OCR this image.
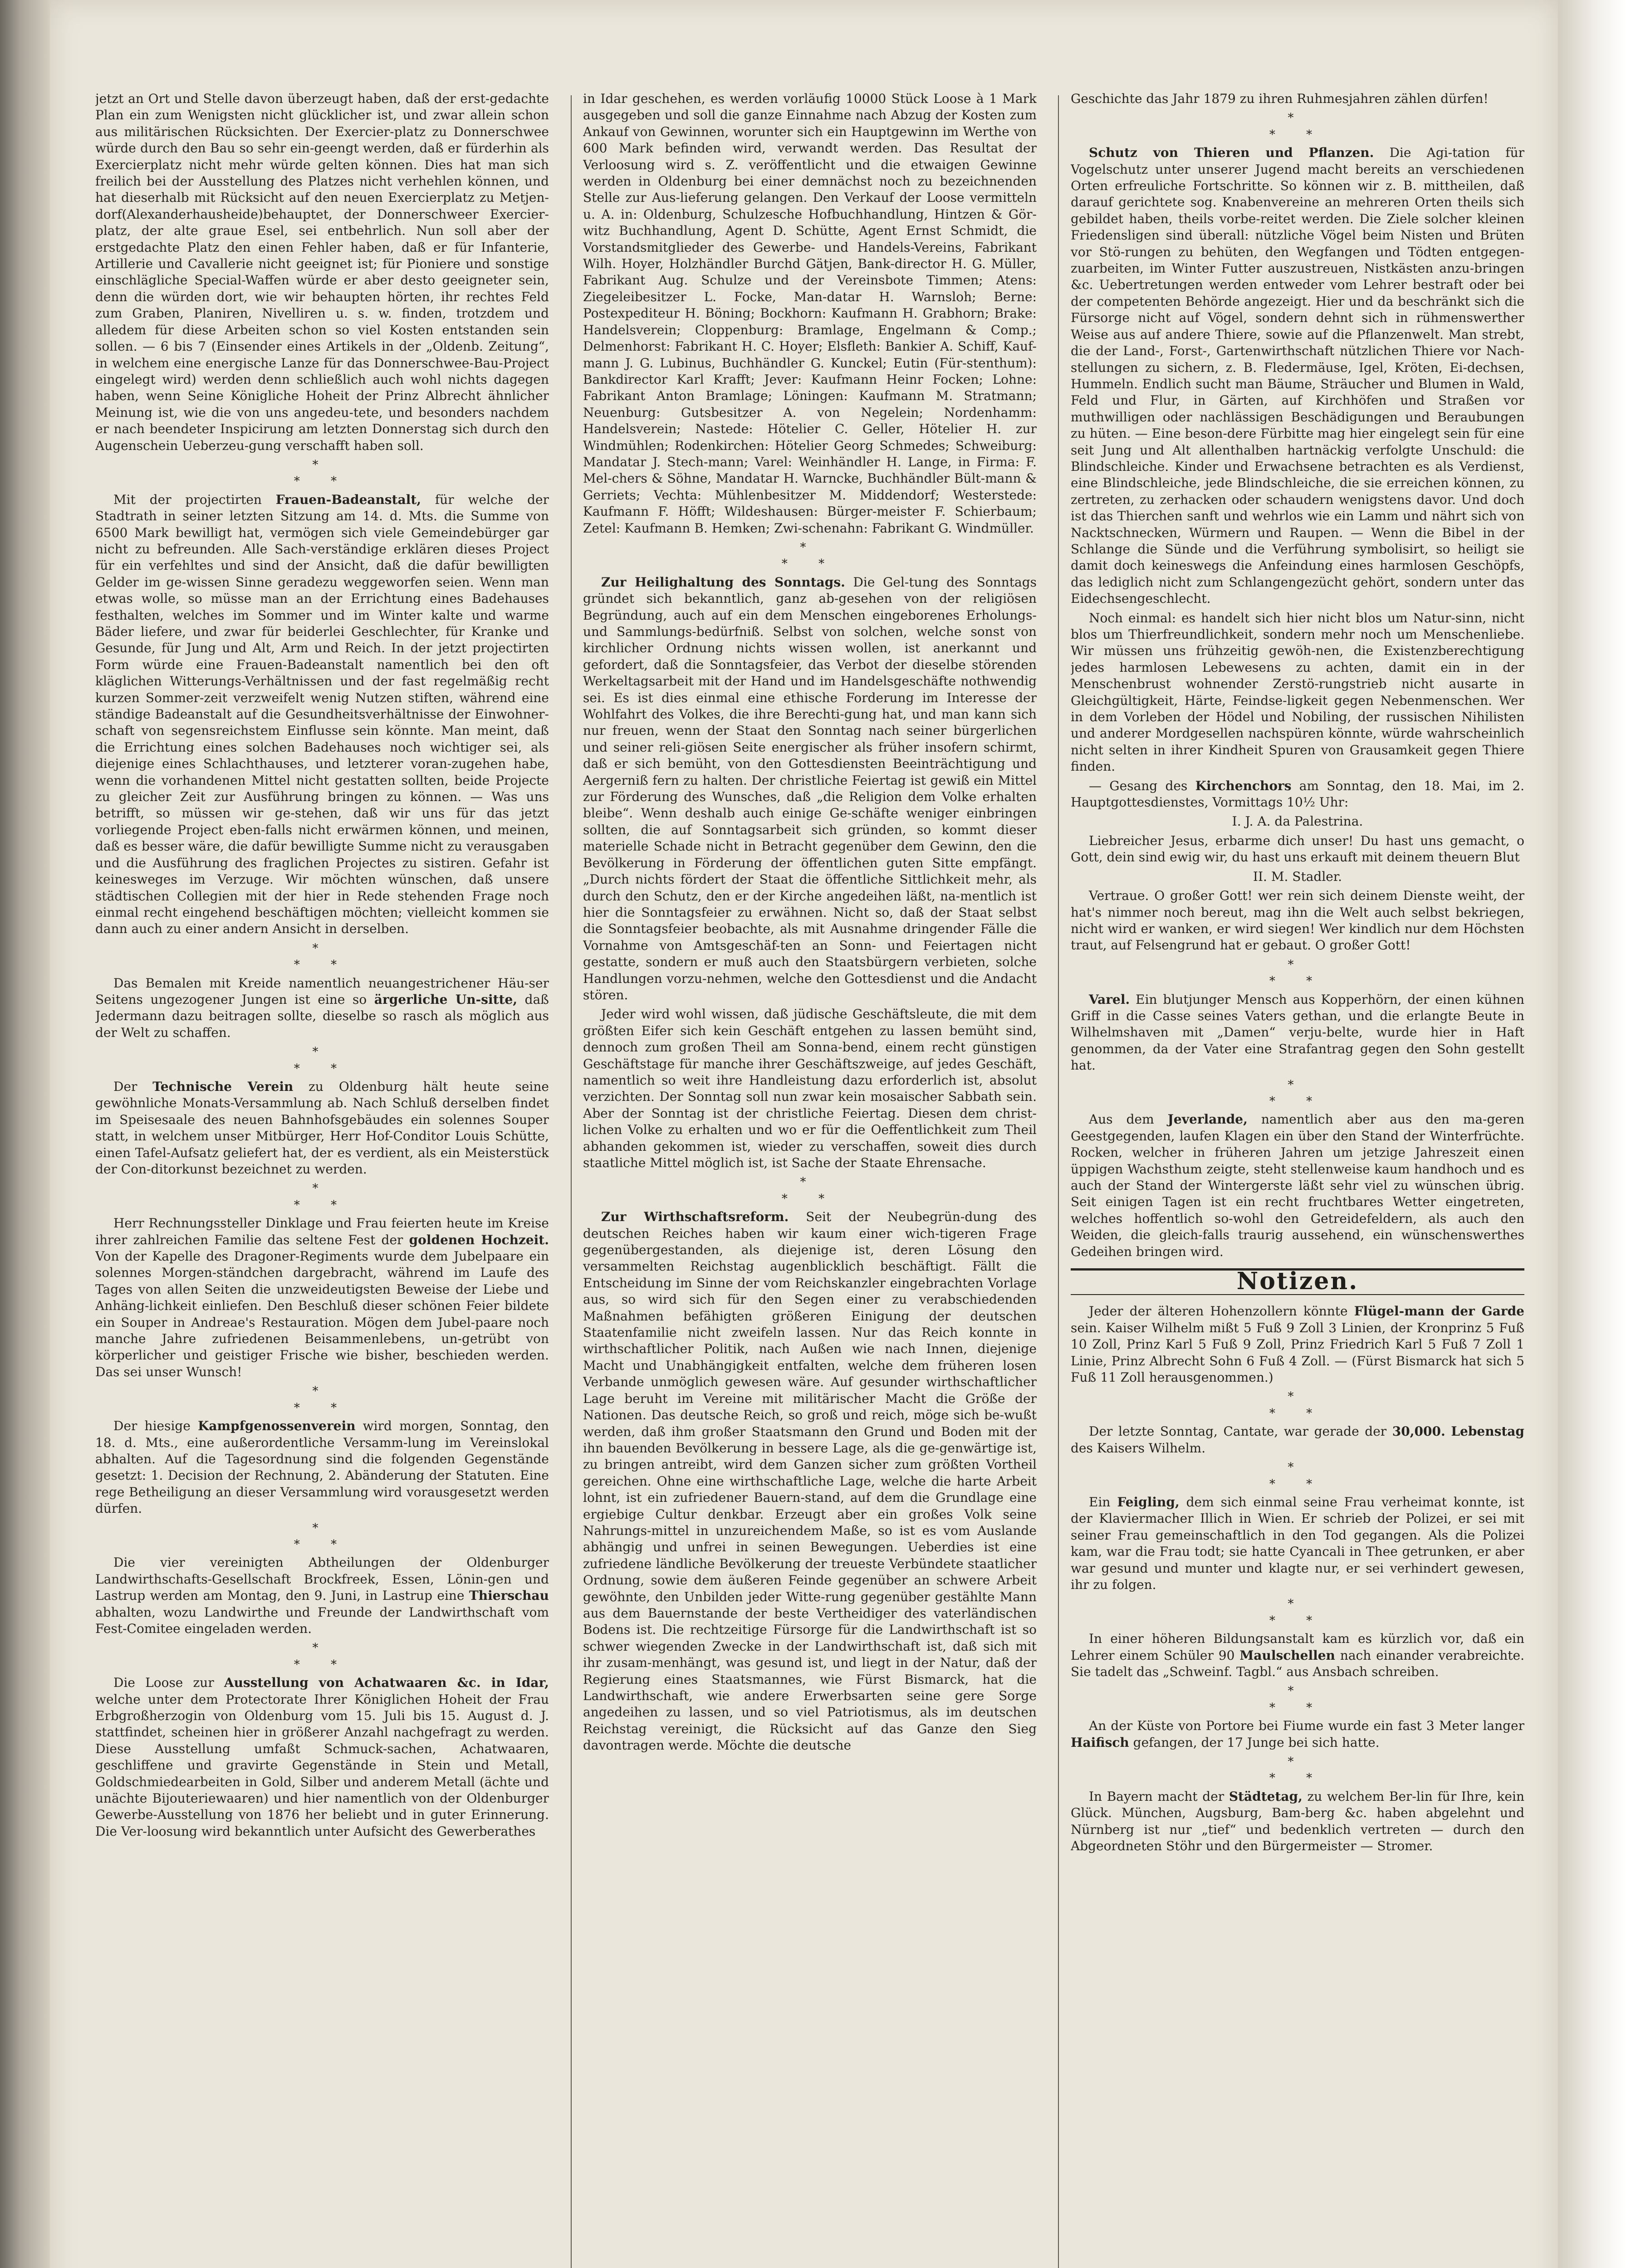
jetzt an Ort und Stelle davon überzeugt haben, daß der erst-gedachte Plan ein zum Wenigsten nicht glücklicher ist, und zwar allein schon aus militärischen Rücksichten. Der Exercier-platz zu Donnerschwee würde durch den Bau so sehr ein-geengt werden, daß er fürderhin als Exercierplatz nicht mehr würde gelten können. Dies hat man sich freilich bei der Ausstellung des Platzes nicht verhehlen können, und hat dieserhalb mit Rücksicht auf den neuen Exercierplatz zu Metjen-dorf(Alexanderhausheide)behauptet, der Donnerschweer Exercier-platz, der alte graue Esel, sei entbehrlich. Nun soll aber der erstgedachte Platz den einen Fehler haben, daß er für Infanterie, Artillerie und Cavallerie nicht geeignet ist; für Pioniere und sonstige einschlägliche Special-Waffen würde er aber desto geeigneter sein, denn die würden dort, wie wir behaupten hörten, ihr rechtes Feld zum Graben, Planiren, Nivelliren u. s. w. finden, trotzdem und alledem für diese Arbeiten schon so viel Kosten entstanden sein sollen. — 6 bis 7 (Einsender eines Artikels in der „Oldenb. Zeitung“, in welchem eine energische Lanze für das Donnerschwee-Bau-Project eingelegt wird) werden denn schließlich auch wohl nichts dagegen haben, wenn Seine Königliche Hoheit der Prinz Albrecht ähnlicher Meinung ist, wie die von uns angedeu-tete, und besonders nachdem er nach beendeter Inspicirung am letzten Donnerstag sich durch den Augenschein Ueberzeu-gung verschafft haben soll.

*
* *

Mit der projectirten Frauen-Badeanstalt, für welche der Stadtrath in seiner letzten Sitzung am 14. d. Mts. die Summe von 6500 Mark bewilligt hat, vermögen sich viele Gemeindebürger gar nicht zu befreunden. Alle Sach-verständige erklären dieses Project für ein verfehltes und sind der Ansicht, daß die dafür bewilligten Gelder im ge-wissen Sinne geradezu weggeworfen seien. Wenn man etwas wolle, so müsse man an der Errichtung eines Badehauses festhalten, welches im Sommer und im Winter kalte und warme Bäder liefere, und zwar für beiderlei Geschlechter, für Kranke und Gesunde, für Jung und Alt, Arm und Reich. In der jetzt projectirten Form würde eine Frauen-Badeanstalt namentlich bei den oft kläglichen Witterungs-Verhältnissen und der fast regelmäßig recht kurzen Sommer-zeit verzweifelt wenig Nutzen stiften, während eine ständige Badeanstalt auf die Gesundheitsverhältnisse der Einwohner-schaft von segensreichstem Einflusse sein könnte. Man meint, daß die Errichtung eines solchen Badehauses noch wichtiger sei, als diejenige eines Schlachthauses, und letzterer voran-zugehen habe, wenn die vorhandenen Mittel nicht gestatten sollten, beide Projecte zu gleicher Zeit zur Ausführung bringen zu können. — Was uns betrifft, so müssen wir ge-stehen, daß wir uns für das jetzt vorliegende Project eben-falls nicht erwärmen können, und meinen, daß es besser wäre, die dafür bewilligte Summe nicht zu verausgaben und die Ausführung des fraglichen Projectes zu sistiren. Gefahr ist keinesweges im Verzuge. Wir möchten wünschen, daß unsere städtischen Collegien mit der hier in Rede stehenden Frage noch einmal recht eingehend beschäftigen möchten; vielleicht kommen sie dann auch zu einer andern Ansicht in derselben.

*
* *

Das Bemalen mit Kreide namentlich neuangestrichener Häu-ser Seitens ungezogener Jungen ist eine so ärgerliche Un-sitte, daß Jedermann dazu beitragen sollte, dieselbe so rasch als möglich aus der Welt zu schaffen.

*
* *

Der Technische Verein zu Oldenburg hält heute seine gewöhnliche Monats-Versammlung ab. Nach Schluß derselben findet im Speisesaale des neuen Bahnhofsgebäudes ein solennes Souper statt, in welchem unser Mitbürger, Herr Hof-Conditor Louis Schütte, einen Tafel-Aufsatz geliefert hat, der es verdient, als ein Meisterstück der Con-ditorkunst bezeichnet zu werden.

*
* *

Herr Rechnungssteller Dinklage und Frau feierten heute im Kreise ihrer zahlreichen Familie das seltene Fest der goldenen Hochzeit. Von der Kapelle des Dragoner-Regiments wurde dem Jubelpaare ein solennes Morgen-ständchen dargebracht, während im Laufe des Tages von allen Seiten die unzweideutigsten Beweise der Liebe und Anhäng-lichkeit einliefen. Den Beschluß dieser schönen Feier bildete ein Souper in Andreae's Restauration. Mögen dem Jubel-paare noch manche Jahre zufriedenen Beisammenlebens, un-getrübt von körperlicher und geistiger Frische wie bisher, beschieden werden. Das sei unser Wunsch!

*
* *

Der hiesige Kampfgenossenverein wird morgen, Sonntag, den 18. d. Mts., eine außerordentliche Versamm-lung im Vereinslokal abhalten. Auf die Tagesordnung sind die folgenden Gegenstände gesetzt: 1. Decision der Rechnung, 2. Abänderung der Statuten. Eine rege Betheiligung an dieser Versammlung wird vorausgesetzt werden dürfen.

*
* *

Die vier vereinigten Abtheilungen der Oldenburger Landwirthschafts-Gesellschaft Brockfreek, Essen, Lönin-gen und Lastrup werden am Montag, den 9. Juni, in Lastrup eine Thierschau abhalten, wozu Landwirthe und Freunde der Landwirthschaft vom Fest-Comitee eingeladen werden.

*
* *

Die Loose zur Ausstellung von Achatwaaren &c. in Idar, welche unter dem Protectorate Ihrer Königlichen Hoheit der Frau Erbgroßherzogin von Oldenburg vom 15. Juli bis 15. August d. J. stattfindet, scheinen hier in größerer Anzahl nachgefragt zu werden. Diese Ausstellung umfaßt Schmuck-sachen, Achatwaaren, geschliffene und gravirte Gegenstände in Stein und Metall, Goldschmiedearbeiten in Gold, Silber und anderem Metall (ächte und unächte Bijouteriewaaren) und hier namentlich von der Oldenburger Gewerbe-Ausstellung von 1876 her beliebt und in guter Erinnerung. Die Ver-loosung wird bekanntlich unter Aufsicht des Gewerberathes

in Idar geschehen, es werden vorläufig 10000 Stück Loose à 1 Mark ausgegeben und soll die ganze Einnahme nach Abzug der Kosten zum Ankauf von Gewinnen, worunter sich ein Hauptgewinn im Werthe von 600 Mark befinden wird, verwandt werden. Das Resultat der Verloosung wird s. Z. veröffentlicht und die etwaigen Gewinne werden in Oldenburg bei einer demnächst noch zu bezeichnenden Stelle zur Aus-lieferung gelangen. Den Verkauf der Loose vermitteln u. A. in: Oldenburg, Schulzesche Hofbuchhandlung, Hintzen & Gör-witz Buchhandlung, Agent D. Schütte, Agent Ernst Schmidt, die Vorstandsmitglieder des Gewerbe- und Handels-Vereins, Fabrikant Wilh. Hoyer, Holzhändler Burchd Gätjen, Bank-director H. G. Müller, Fabrikant Aug. Schulze und der Vereinsbote Timmen; Atens: Ziegeleibesitzer L. Focke, Man-datar H. Warnsloh; Berne: Postexpediteur H. Böning; Bockhorn: Kaufmann H. Grabhorn; Brake: Handelsverein; Cloppenburg: Bramlage, Engelmann & Comp.; Delmenhorst: Fabrikant H. C. Hoyer; Elsfleth: Bankier A. Schiff, Kauf-mann J. G. Lubinus, Buchhändler G. Kunckel; Eutin (Für-stenthum): Bankdirector Karl Krafft; Jever: Kaufmann Heinr Focken; Lohne: Fabrikant Anton Bramlage; Löningen: Kaufmann M. Stratmann; Neuenburg: Gutsbesitzer A. von Negelein; Nordenhamm: Handelsverein; Nastede: Hötelier C. Geller, Hötelier H. zur Windmühlen; Rodenkirchen: Hötelier Georg Schmedes; Schweiburg: Mandatar J. Stech-mann; Varel: Weinhändler H. Lange, in Firma: F. Mel-chers & Söhne, Mandatar H. Warncke, Buchhändler Bült-mann & Gerriets; Vechta: Mühlenbesitzer M. Middendorf; Westerstede: Kaufmann F. Höfft; Wildeshausen: Bürger-meister F. Schierbaum; Zetel: Kaufmann B. Hemken; Zwi-schenahn: Fabrikant G. Windmüller.

*
* *

Zur Heilighaltung des Sonntags. Die Gel-tung des Sonntags gründet sich bekanntlich, ganz ab-gesehen von der religiösen Begründung, auch auf ein dem Menschen eingeborenes Erholungs- und Sammlungs-bedürfniß. Selbst von solchen, welche sonst von kirchlicher Ordnung nichts wissen wollen, ist anerkannt und gefordert, daß die Sonntagsfeier, das Verbot der dieselbe störenden Werkeltagsarbeit mit der Hand und im Handelsgeschäfte nothwendig sei. Es ist dies einmal eine ethische Forderung im Interesse der Wohlfahrt des Volkes, die ihre Berechti-gung hat, und man kann sich nur freuen, wenn der Staat den Sonntag nach seiner bürgerlichen und seiner reli-giösen Seite energischer als früher insofern schirmt, daß er sich bemüht, von den Gottesdiensten Beeinträchtigung und Aergerniß fern zu halten. Der christliche Feiertag ist gewiß ein Mittel zur Förderung des Wunsches, daß „die Religion dem Volke erhalten bleibe“. Wenn deshalb auch einige Ge-schäfte weniger einbringen sollten, die auf Sonntagsarbeit sich gründen, so kommt dieser materielle Schade nicht in Betracht gegenüber dem Gewinn, den die Bevölkerung in Förderung der öffentlichen guten Sitte empfängt. „Durch nichts fördert der Staat die öffentliche Sittlichkeit mehr, als durch den Schutz, den er der Kirche angedeihen läßt, na-mentlich ist hier die Sonntagsfeier zu erwähnen. Nicht so, daß der Staat selbst die Sonntagsfeier beobachte, als mit Ausnahme dringender Fälle die Vornahme von Amtsgeschäf-ten an Sonn- und Feiertagen nicht gestatte, sondern er muß auch den Staatsbürgern verbieten, solche Handlungen vorzu-nehmen, welche den Gottesdienst und die Andacht stören.

Jeder wird wohl wissen, daß jüdische Geschäftsleute, die mit dem größten Eifer sich kein Geschäft entgehen zu lassen bemüht sind, dennoch zum großen Theil am Sonna-bend, einem recht günstigen Geschäftstage für manche ihrer Geschäftszweige, auf jedes Geschäft, namentlich so weit ihre Handleistung dazu erforderlich ist, absolut verzichten. Der Sonntag soll nun zwar kein mosaischer Sabbath sein. Aber der Sonntag ist der christliche Feiertag. Diesen dem christ-lichen Volke zu erhalten und wo er für die Oeffentlichkeit zum Theil abhanden gekommen ist, wieder zu verschaffen, soweit dies durch staatliche Mittel möglich ist, ist Sache der Staate Ehrensache.

*
* *

Zur Wirthschaftsreform. Seit der Neubegrün-dung des deutschen Reiches haben wir kaum einer wich-tigeren Frage gegenübergestanden, als diejenige ist, deren Lösung den versammelten Reichstag augenblicklich beschäftigt. Fällt die Entscheidung im Sinne der vom Reichskanzler eingebrachten Vorlage aus, so wird sich für den Segen einer zu verabschiedenden Maßnahmen befähigten größeren Einigung der deutschen Staatenfamilie nicht zweifeln lassen. Nur das Reich konnte in wirthschaftlicher Politik, nach Außen wie nach Innen, diejenige Macht und Unabhängigkeit entfalten, welche dem früheren losen Verbande unmöglich gewesen wäre. Auf gesunder wirthschaftlicher Lage beruht im Vereine mit militärischer Macht die Größe der Nationen. Das deutsche Reich, so groß und reich, möge sich be-wußt werden, daß ihm großer Staatsmann den Grund und Boden mit der ihn bauenden Bevölkerung in bessere Lage, als die ge-genwärtige ist, zu bringen antreibt, wird dem Ganzen sicher zum größten Vortheil gereichen. Ohne eine wirthschaftliche Lage, welche die harte Arbeit lohnt, ist ein zufriedener Bauern-stand, auf dem die Grundlage eine ergiebige Cultur denkbar. Erzeugt aber ein großes Volk seine Nahrungs-mittel in unzureichendem Maße, so ist es vom Auslande abhängig und unfrei in seinen Bewegungen. Ueberdies ist eine zufriedene ländliche Bevölkerung der treueste Verbündete staatlicher Ordnung, sowie dem äußeren Feinde gegenüber an schwere Arbeit gewöhnte, den Unbilden jeder Witte-rung gegenüber gestählte Mann aus dem Bauernstande der beste Vertheidiger des vaterländischen Bodens ist. Die rechtzeitige Fürsorge für die Landwirthschaft ist so schwer wiegenden Zwecke in der Landwirthschaft ist, daß sich mit ihr zusam-menhängt, was gesund ist, und liegt in der Natur, daß der Regierung eines Staatsmannes, wie Fürst Bismarck, hat die Landwirthschaft, wie andere Erwerbsarten seine gere Sorge angedeihen zu lassen, und so viel Patriotismus, als im deutschen Reichstag vereinigt, die Rücksicht auf das Ganze den Sieg davontragen werde. Möchte die deutsche

Geschichte das Jahr 1879 zu ihren Ruhmesjahren zählen dürfen!

*
* *

Schutz von Thieren und Pflanzen. Die Agi-tation für Vogelschutz unter unserer Jugend macht bereits an verschiedenen Orten erfreuliche Fortschritte. So können wir z. B. mittheilen, daß darauf gerichtete sog. Knabenvereine an mehreren Orten theils sich gebildet haben, theils vorbe-reitet werden. Die Ziele solcher kleinen Friedensligen sind überall: nützliche Vögel beim Nisten und Brüten vor Stö-rungen zu behüten, den Wegfangen und Tödten entgegen-zuarbeiten, im Winter Futter auszustreuen, Nistkästen anzu-bringen &c. Uebertretungen werden entweder vom Lehrer bestraft oder bei der competenten Behörde angezeigt. Hier und da beschränkt sich die Fürsorge nicht auf Vögel, sondern dehnt sich in rühmenswerther Weise aus auf andere Thiere, sowie auf die Pflanzenwelt. Man strebt, die der Land-, Forst-, Gartenwirthschaft nützlichen Thiere vor Nach-stellungen zu sichern, z. B. Fledermäuse, Igel, Kröten, Ei-dechsen, Hummeln. Endlich sucht man Bäume, Sträucher und Blumen in Wald, Feld und Flur, in Gärten, auf Kirchhöfen und Straßen vor muthwilligen oder nachlässigen Beschädigungen und Beraubungen zu hüten. — Eine beson-dere Fürbitte mag hier eingelegt sein für eine seit Jung und Alt allenthalben hartnäckig verfolgte Unschuld: die Blindschleiche. Kinder und Erwachsene betrachten es als Verdienst, eine Blindschleiche, jede Blindschleiche, die sie erreichen können, zu zertreten, zu zerhacken oder schaudern wenigstens davor. Und doch ist das Thierchen sanft und wehrlos wie ein Lamm und nährt sich von Nacktschnecken, Würmern und Raupen. — Wenn die Bibel in der Schlange die Sünde und die Verführung symbolisirt, so heiligt sie damit doch keineswegs die Anfeindung eines harmlosen Geschöpfs, das lediglich nicht zum Schlangengezücht gehört, sondern unter das Eidechsengeschlecht.

Noch einmal: es handelt sich hier nicht blos um Natur-sinn, nicht blos um Thierfreundlichkeit, sondern mehr noch um Menschenliebe. Wir müssen uns frühzeitig gewöh-nen, die Existenzberechtigung jedes harmlosen Lebewesens zu achten, damit ein in der Menschenbrust wohnender Zerstö-rungstrieb nicht ausarte in Gleichgültigkeit, Härte, Feindse-ligkeit gegen Nebenmenschen. Wer in dem Vorleben der Hödel und Nobiling, der russischen Nihilisten und anderer Mordgesellen nachspüren könnte, würde wahrscheinlich nicht selten in ihrer Kindheit Spuren von Grausamkeit gegen Thiere finden.

— Gesang des Kirchenchors am Sonntag, den 18. Mai, im 2. Hauptgottesdienstes, Vormittags 10½ Uhr:

I. J. A. da Palestrina.

Liebreicher Jesus, erbarme dich unser! Du hast uns gemacht, o Gott, dein sind ewig wir, du hast uns erkauft mit deinem theuern Blut

II. M. Stadler.

Vertraue. O großer Gott! wer rein sich deinem Dienste weiht, der hat's nimmer noch bereut, mag ihn die Welt auch selbst bekriegen, nicht wird er wanken, er wird siegen! Wer kindlich nur dem Höchsten traut, auf Felsengrund hat er gebaut. O großer Gott!

*
* *

Varel. Ein blutjunger Mensch aus Kopperhörn, der einen kühnen Griff in die Casse seines Vaters gethan, und die erlangte Beute in Wilhelmshaven mit „Damen“ verju-belte, wurde hier in Haft genommen, da der Vater eine Strafantrag gegen den Sohn gestellt hat.

*
* *

Aus dem Jeverlande, namentlich aber aus den ma-geren Geestgegenden, laufen Klagen ein über den Stand der Winterfrüchte. Rocken, welcher in früheren Jahren um jetzige Jahreszeit einen üppigen Wachsthum zeigte, steht stellenweise kaum handhoch und es auch der Stand der Wintergerste läßt sehr viel zu wünschen übrig. Seit einigen Tagen ist ein recht fruchtbares Wetter eingetreten, welches hoffentlich so-wohl den Getreidefeldern, als auch den Weiden, die gleich-falls traurig aussehend, ein wünschenswerthes Gedeihen bringen wird.

Notizen.

Jeder der älteren Hohenzollern könnte Flügel-mann der Garde sein. Kaiser Wilhelm mißt 5 Fuß 9 Zoll 3 Linien, der Kronprinz 5 Fuß 10 Zoll, Prinz Karl 5 Fuß 9 Zoll, Prinz Friedrich Karl 5 Fuß 7 Zoll 1 Linie, Prinz Albrecht Sohn 6 Fuß 4 Zoll. — (Fürst Bismarck hat sich 5 Fuß 11 Zoll herausgenommen.)

*
* *

Der letzte Sonntag, Cantate, war gerade der 30,000. Lebenstag des Kaisers Wilhelm.

*
* *

Ein Feigling, dem sich einmal seine Frau verheimat konnte, ist der Klaviermacher Illich in Wien. Er schrieb der Polizei, er sei mit seiner Frau gemeinschaftlich in den Tod gegangen. Als die Polizei kam, war die Frau todt; sie hatte Cyancali in Thee getrunken, er aber war gesund und munter und klagte nur, er sei verhindert gewesen, ihr zu folgen.

*
* *

In einer höheren Bildungsanstalt kam es kürzlich vor, daß ein Lehrer einem Schüler 90 Maulschellen nach einander verabreichte. Sie tadelt das „Schweinf. Tagbl.“ aus Ansbach schreiben.

*
* *

An der Küste von Portore bei Fiume wurde ein fast 3 Meter langer Haifisch gefangen, der 17 Junge bei sich hatte.

*
* *

In Bayern macht der Städtetag, zu welchem Ber-lin für Ihre, kein Glück. München, Augsburg, Bam-berg &c. haben abgelehnt und Nürnberg ist nur „tief“ und bedenklich vertreten — durch den Abgeordneten Stöhr und den Bürgermeister — Stromer.
